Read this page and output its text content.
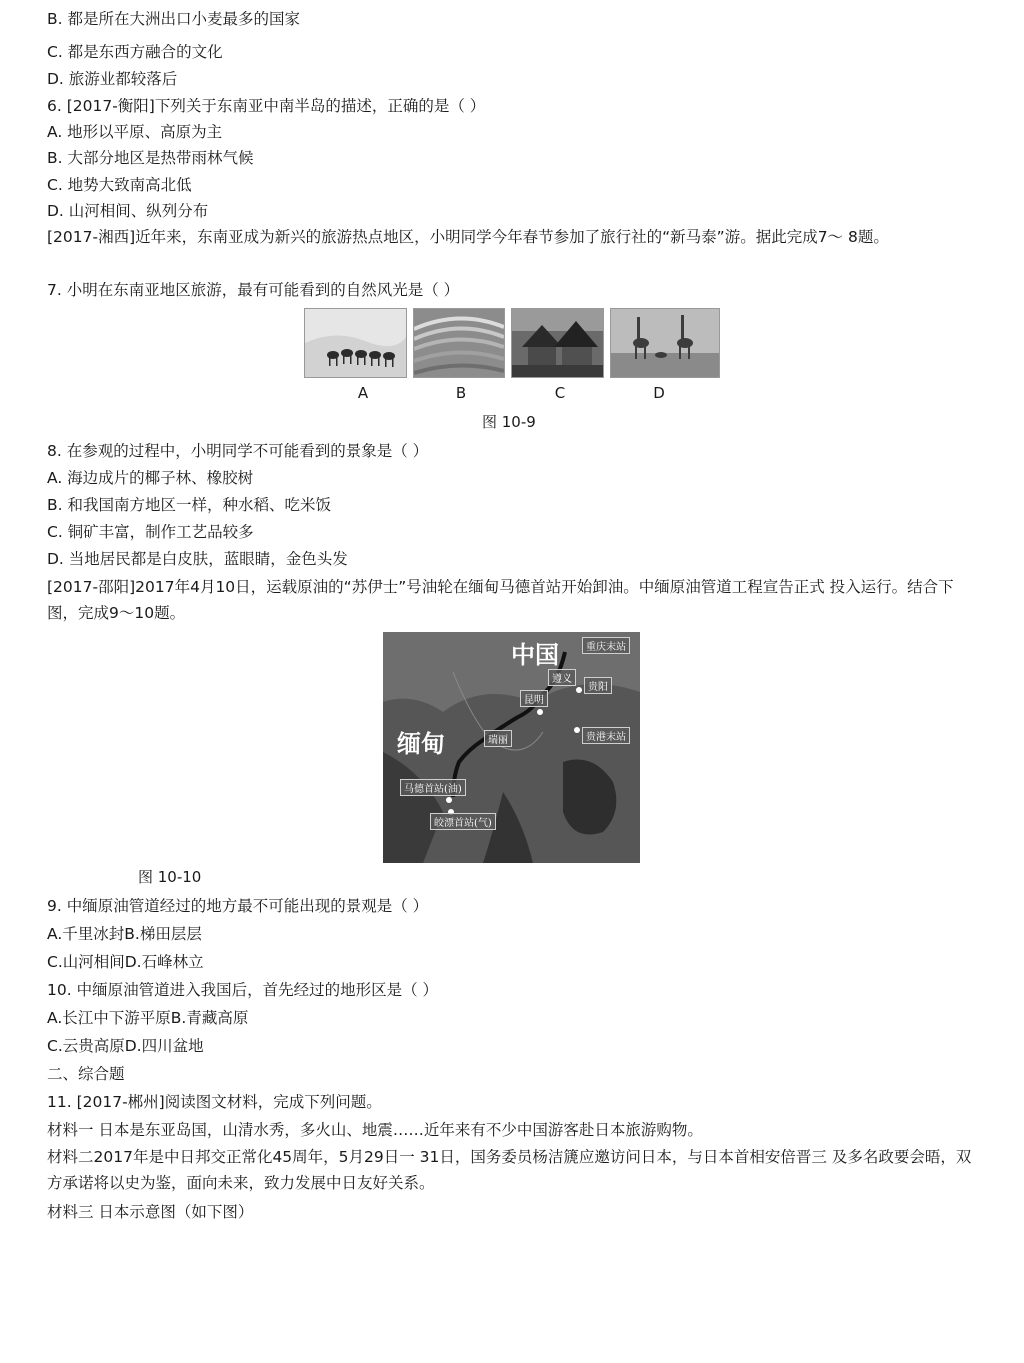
B. 都是所在大洲出口小麦最多的国家
C. 都是东西方融合的文化
D. 旅游业都较落后
6. [2017-衡阳]下列关于东南亚中南半岛的描述，正确的是（ ）
A. 地形以平原、高原为主
B. 大部分地区是热带雨林气候
C. 地势大致南高北低
D. 山河相间、纵列分布
[2017-湘西]近年来，东南亚成为新兴的旅游热点地区，小明同学今年春节参加了旅行社的“新马泰”游。据此完成7～ 8题。
7. 小明在东南亚地区旅游，最有可能看到的自然风光是（ ）
A	B	C	D
图 10-9
8. 在参观的过程中，小明同学不可能看到的景象是（ ）
A. 海边成片的椰子林、橡胶树
B. 和我国南方地区一样，种水稻、吃米饭
C. 铜矿丰富，制作工艺品较多
D. 当地居民都是白皮肤，蓝眼睛，金色头发
[2017-邵阳]2017年4月10日，运载原油的“苏伊士”号油轮在缅甸马德首站开始卸油。中缅原油管道工程宣告正式 投入运行。结合下图，完成9～10题。
中国
缅甸
重庆末站
遵义
贵阳
昆明
瑞丽	贵港末站
马德首站(油)
皎漂首站(气)
图 10-10
9. 中缅原油管道经过的地方最不可能出现的景观是（ ）
A.千里冰封B.梯田层层
C.山河相间D.石峰林立
10. 中缅原油管道进入我国后，首先经过的地形区是（ ）
A.长江中下游平原B.青藏高原
C.云贵高原D.四川盆地
二、综合题
11. [2017-郴州]阅读图文材料，完成下列问题。
材料一 日本是东亚岛国，山清水秀，多火山、地震……近年来有不少中国游客赴日本旅游购物。
材料二2017年是中日邦交正常化45周年，5月29日一 31日，国务委员杨洁篪应邀访问日本，与日本首相安倍晋三 及多名政要会晤，双方承诺将以史为鉴，面向未来，致力发展中日友好关系。
材料三 日本示意图（如下图）
